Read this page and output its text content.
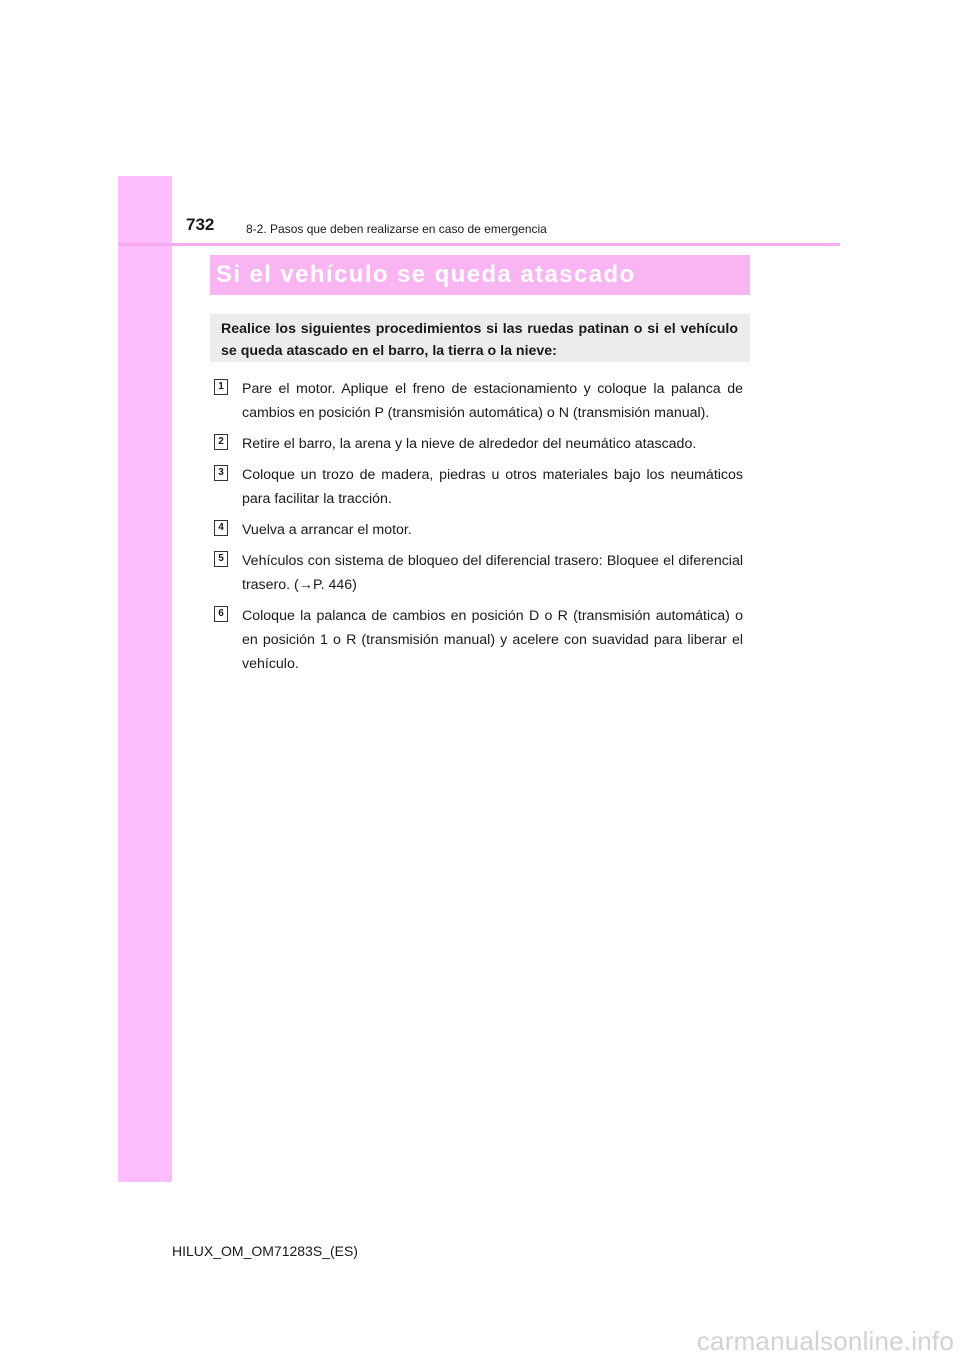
732	8-2. Pasos que deben realizarse en caso de emergencia
Si el vehículo se queda atascado
Realice los siguientes procedimientos si las ruedas patinan o si el vehículo se queda atascado en el barro, la tierra o la nieve:
1 Pare el motor. Aplique el freno de estacionamiento y coloque la palanca de cambios en posición P (transmisión automática) o N (transmisión manual).
2 Retire el barro, la arena y la nieve de alrededor del neumático atascado.
3 Coloque un trozo de madera, piedras u otros materiales bajo los neumáticos para facilitar la tracción.
4 Vuelva a arrancar el motor.
5 Vehículos con sistema de bloqueo del diferencial trasero: Bloquee el diferencial trasero. (→P. 446)
6 Coloque la palanca de cambios en posición D o R (transmisión automática) o en posición 1 o R (transmisión manual) y acelere con suavidad para liberar el vehículo.
HILUX_OM_OM71283S_(ES)
carmanualsonline.info
